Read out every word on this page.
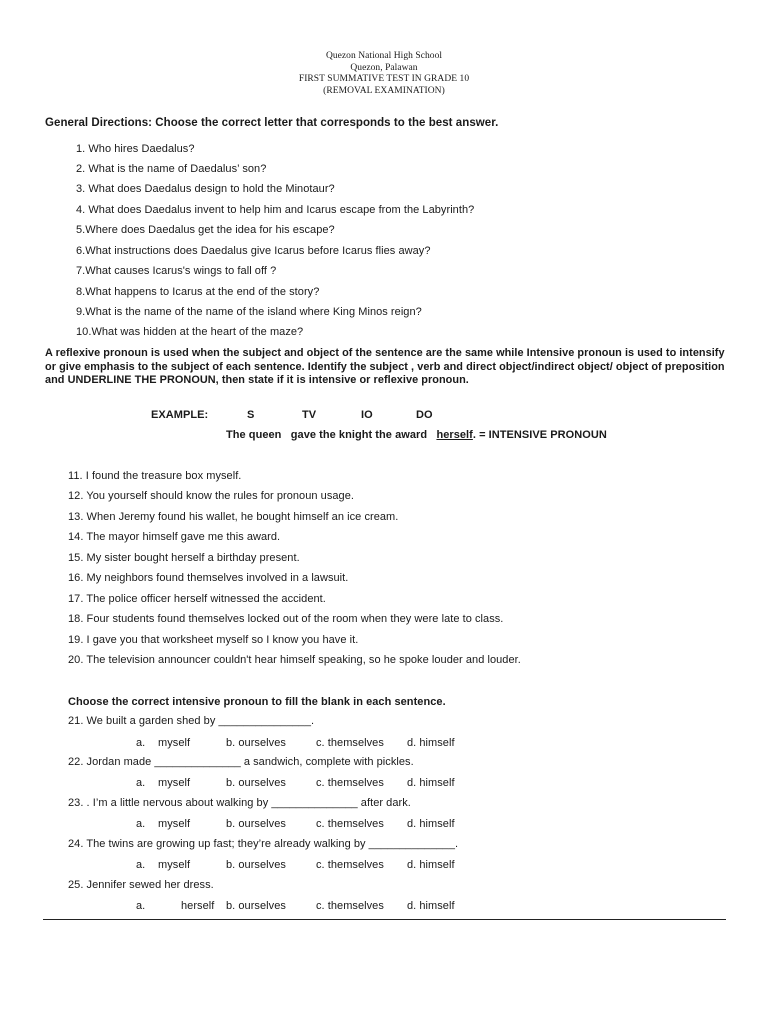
Quezon National High School
Quezon, Palawan
FIRST SUMMATIVE TEST IN GRADE 10
(REMOVAL EXAMINATION)
General Directions: Choose the correct letter that corresponds to the best answer.
1. Who hires Daedalus?
2. What is the name of Daedalus’ son?
3. What does Daedalus design to hold the Minotaur?
4. What does Daedalus invent to help him and Icarus escape from the Labyrinth?
5.Where does Daedalus get the idea for his escape?
6.What instructions does Daedalus give Icarus before Icarus flies away?
7.What causes Icarus's wings to fall off ?
8.What happens to Icarus at the end of the story?
9.What is the name of the name of the island where King Minos reign?
10.What was hidden at the heart of the maze?
A reflexive pronoun is used when the subject and object of the sentence are the same while Intensive pronoun is used to intensify or give emphasis to the subject of each sentence. Identify the subject , verb and direct object/indirect object/ object of preposition and UNDERLINE THE PRONOUN, then state if it is intensive or reflexive pronoun.
EXAMPLE:	S	TV	IO	DO
The queen   gave the knight the award herself. = INTENSIVE PRONOUN
11. I found the treasure box myself.
12. You yourself should know the rules for pronoun usage.
13. When Jeremy found his wallet, he bought himself an ice cream.
14. The mayor himself gave me this award.
15. My sister bought herself a birthday present.
16. My neighbors found themselves involved in a lawsuit.
17. The police officer herself witnessed the accident.
18. Four students found themselves locked out of the room when they were late to class.
19. I gave you that worksheet myself so I know you have it.
20. The television announcer couldn't hear himself speaking, so he spoke louder and louder.
Choose the correct intensive pronoun to fill the blank in each sentence.
21. We built a garden shed by _______________.
a. myself	b. ourselves	c. themselves d. himself
22. Jordan made ______________ a sandwich, complete with pickles.
a. myself	b. ourselves	c. themselves d. himself
23. . I’m a little nervous about walking by ______________ after dark.
a. myself	b. ourselves	c. themselves d. himself
24. The twins are growing up fast; they’re already walking by ______________.
a. myself	b. ourselves	c. themselves d. himself
25. Jennifer sewed her dress.
a.	herself b. ourselves	c. themselves d. himself
